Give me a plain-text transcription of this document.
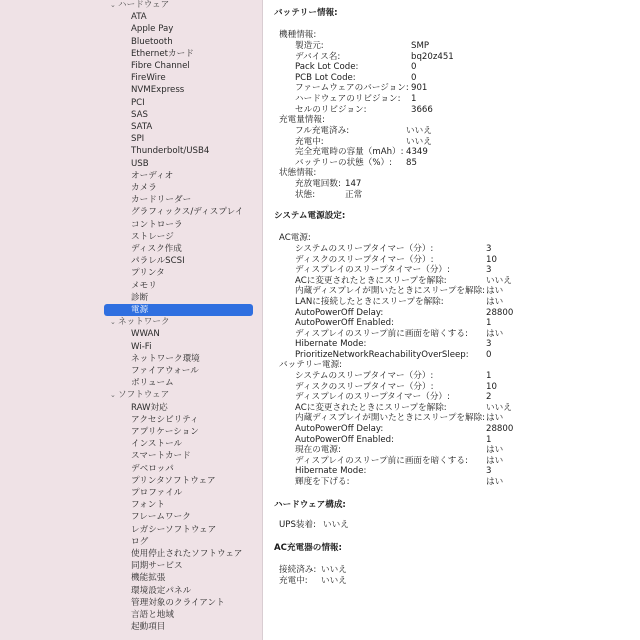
⌄ ハードウェア
ATA
Apple Pay
Bluetooth
Ethernetカード
Fibre Channel
FireWire
NVMExpress
PCI
SAS
SATA
SPI
Thunderbolt/USB4
USB
オーディオ
カメラ
カードリーダー
グラフィックス/ディスプレイ
コントローラ
ストレージ
ディスク作成
パラレルSCSI
プリンタ
メモリ
診断
電源
⌄ ネットワーク
WWAN
Wi-Fi
ネットワーク環境
ファイアウォール
ボリューム
⌄ ソフトウェア
RAW対応
アクセシビリティ
アプリケーション
インストール
スマートカード
デベロッパ
プリンタソフトウェア
プロファイル
フォント
フレームワーク
レガシーソフトウェア
ログ
使用停止されたソフトウェア
同期サービス
機能拡張
環境設定パネル
管理対象のクライアント
言語と地域
起動項目
バッテリー情報:
機種情報:
製造元:	SMP
デバイス名:	bq20z451
Pack Lot Code:	0
PCB Lot Code:	0
ファームウェアのバージョン: 901
ハードウェアのリビジョン: 1
セルのリビジョン:	3666
充電量情報:
フル充電済み:	いいえ
充電中:	いいえ
完全充電時の容量（mAh）: 4349
バッテリーの状態（%）: 85
状態情報:
充放電回数: 147
状態:	正常
システム電源設定:
AC電源:
システムのスリープタイマー（分）:	3
ディスクのスリープタイマー（分）:	10
ディスプレイのスリープタイマー（分）:	3
ACに変更されたときにスリープを解除:	いいえ
内蔵ディスプレイが開いたときにスリープを解除: はい
LANに接続したときにスリープを解除:	はい
AutoPowerOff Delay:	28800
AutoPowerOff Enabled:	1
ディスプレイのスリープ前に画面を暗くする: はい
Hibernate Mode:	3
PrioritizeNetworkReachabilityOverSleep: 0
バッテリー電源:
システムのスリープタイマー（分）:	1
ディスクのスリープタイマー（分）:	10
ディスプレイのスリープタイマー（分）:	2
ACに変更されたときにスリープを解除:	いいえ
内蔵ディスプレイが開いたときにスリープを解除: はい
AutoPowerOff Delay:	28800
AutoPowerOff Enabled:	1
現在の電源:	はい
ディスプレイのスリープ前に画面を暗くする: はい
Hibernate Mode:	3
輝度を下げる:	はい
ハードウェア構成:
UPS装着: いいえ
AC充電器の情報:
接続済み: いいえ
充電中: いいえ
